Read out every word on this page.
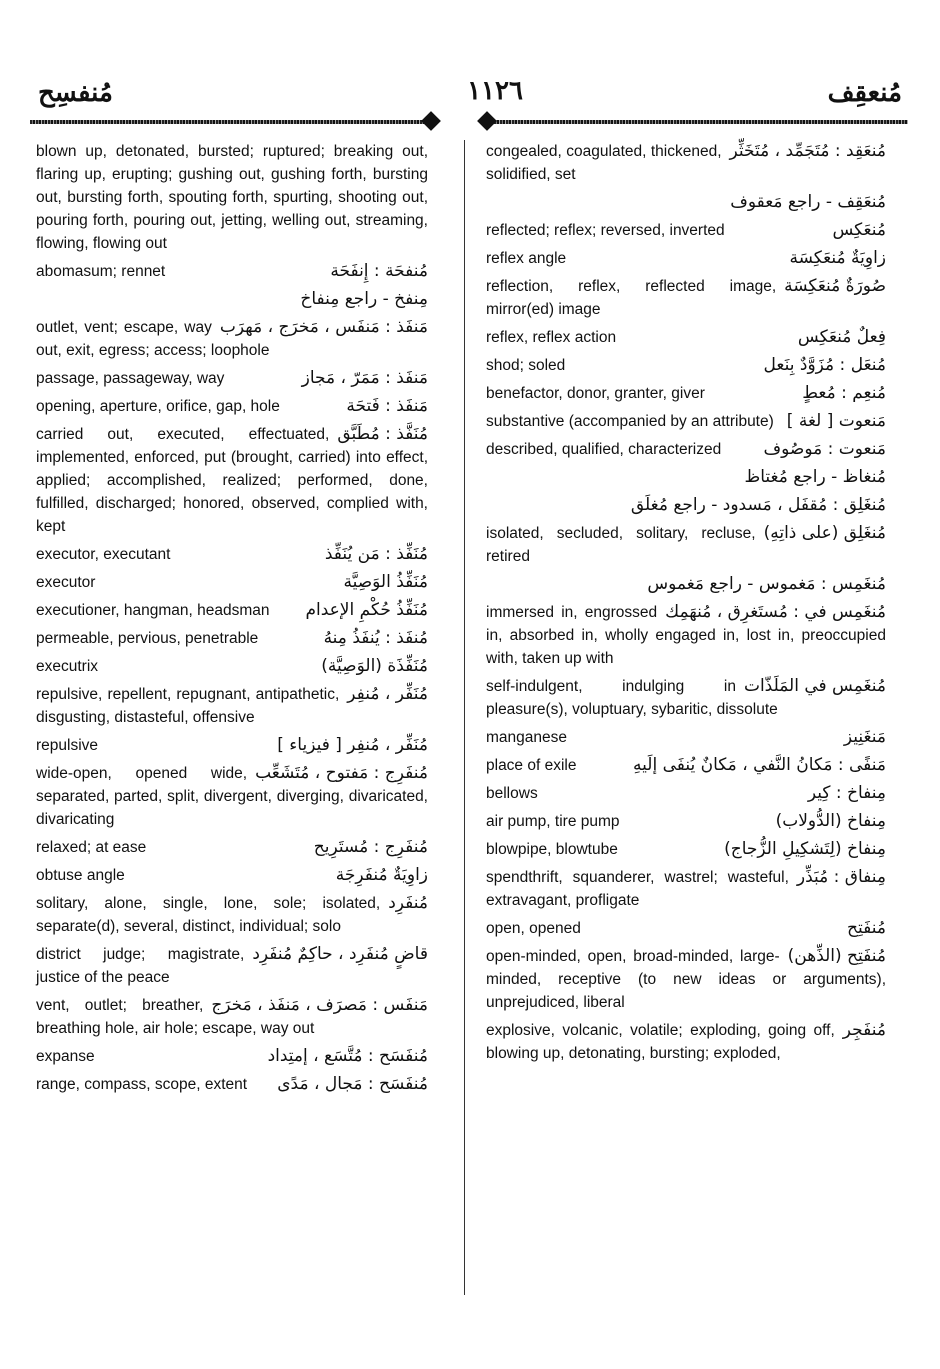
مُنفسِح	١١٢٦	مُنعقِف
blown up, detonated, bursted; ruptured; breaking out, flaring up, erupting; gushing out, gushing forth, bursting out, bursting forth, spouting forth, spurting, shooting out, pouring forth, pouring out, jetting, welling out, streaming, flowing, flowing out
مُنفحَة : إِنفَحَة
abomasum; rennet
مِنفخ - راجع مِنفاخ
مَنفَذ : مَنفَس ، مَخرَج ، مَهرَب
outlet, vent; escape, way out, exit, egress; access; loophole
مَنفَذ : مَمَرّ ، مَجاز
passage, passageway, way
مَنفَذ : فَتحَة
opening, aperture, orifice, gap, hole
مُنَفَّذ : مُطَبَّق
carried out, executed, effectuated, implemented, enforced, put (brought, carried) into effect, applied; accomplished, realized; performed, done, fulfilled, discharged; honored, observed, complied with, kept
مُنَفِّذ : مَن يُنَفِّذ
executor, executant
مُنَفِّذُ الوَصِيَّة
executor
مُنَفِّذُ حُكْمِ الإعدام
executioner, hangman, headsman
مُنفَذ : يُنفَذُ مِنهُ
permeable, pervious, penetrable
مُنَفِّذَة (الوَصِيَّة)
executrix
مُنَفِّر ، مُنفِر
repulsive, repellent, repugnant, antipathetic, disgusting, distasteful, offensive
مُنَفِّر ، مُنفِر [ فيزياء ]
repulsive
مُنفَرِج : مَفتوح ، مُتَشَعِّب
wide-open, opened wide, separated, parted, split, divergent, diverging, divaricated, divaricating
مُنفَرِج : مُستَرِيح
relaxed; at ease
زاوِيَةٌ مُنفَرِجَة
obtuse angle
مُنفَرِد
solitary, alone, single, lone, sole; isolated, separate(d), several, distinct, individual; solo
قاضٍ مُنفَرِد ، حاكِمٌ مُنفَرِد
district judge; magistrate, justice of the peace
مَنفَس : مَصرَف ، مَنفَذ ، مَخرَج
vent, outlet; breather, breathing hole, air hole; escape, way out
مُنفَسَح : مُتَّسَع ، إمتِداد
expanse
مُنفَسَح : مَجال ، مَدًى
range, compass, scope, extent
مُنعَقِد : مُتَجَمِّد ، مُتَخَثِّر
congealed, coagulated, thickened, solidified, set
مُنعَقِف - راجع مَعقوف
مُنعَكِس
reflected; reflex; reversed, inverted
زاوِيَةٌ مُنعَكِسَة
reflex angle
صُورَةٌ مُنعَكِسَة
reflection, reflex, reflected image, mirror(ed) image
فِعلٌ مُنعَكِس
reflex, reflex action
مُنعَل : مُزَوَّدٌ بِنَعل
shod; soled
مُنعِم : مُعطٍ
benefactor, donor, granter, giver
مَنعوت [ لغة ]
substantive (accompanied by an attribute)
مَنعوت : مَوصُوف
described, qualified, characterized
مُنغاظ - راجع مُغتاظ
مُنغَلِق : مُقفَل ، مَسدود - راجع مُغلَق
مُنغَلِق (على ذاتِهِ)
isolated, secluded, solitary, recluse, retired
مُنغَمِس : مَغموس - راجع مَغموس
مُنغَمِس في : مُستَغرِق ، مُنهَمِك
immersed in, engrossed in, absorbed in, wholly engaged in, lost in, preoccupied with, taken up with
مُنغَمِس في المَلَذّات
self-indulgent, indulging in pleasure(s), voluptuary, sybaritic, dissolute
مَنغَنِيز
manganese
مَنفًى : مَكانُ النَّفي ، مَكانٌ يُنفَى إلَيهِ
place of exile
مِنفاخ : كِير
bellows
مِنفاخ (الدُّولاب)
air pump, tire pump
مِنفاخ (لِتَشكِيلِ الزُّجاج)
blowpipe, blowtube
مِنفاق : مُبَذِّر
spendthrift, squanderer, wastrel; wasteful, extravagant, profligate
مُنفَتِح
open, opened
مُنفَتِح (الذِّهن)
open-minded, open, broad-minded, large-minded, receptive (to new ideas or arguments), unprejudiced, liberal
مُنفَجِر
explosive, volcanic, volatile; exploding, going off, blowing up, detonating, bursting; exploded,
